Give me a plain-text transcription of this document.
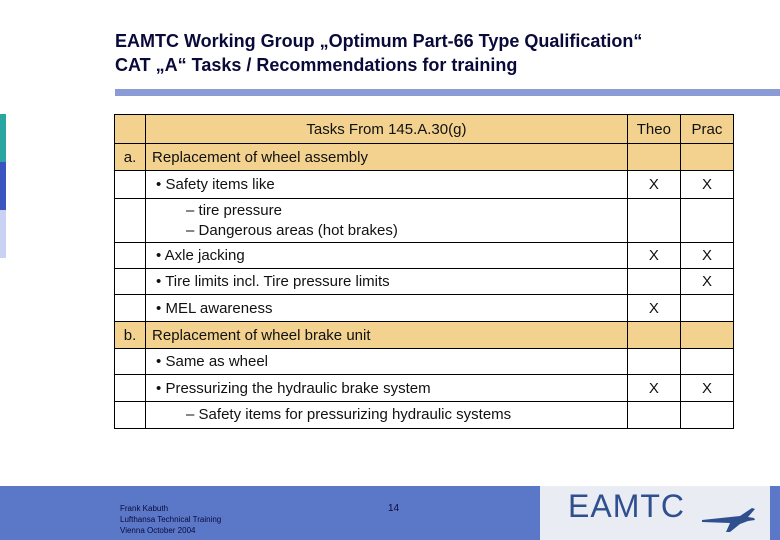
EAMTC Working Group „Optimum Part-66 Type Qualification“
CAT „A“ Tasks / Recommendations for training
	Tasks From 145.A.30(g)	Theo	Prac
a.	Replacement of wheel assembly		
	• Safety items like	X	X

	– tire pressure
– Dangerous areas (hot brakes)		

	• Axle jacking	X	X
	• Tire limits incl. Tire pressure limits		X
	• MEL awareness	X	
b.	Replacement of wheel brake unit		
	• Same as wheel		
	• Pressurizing the hydraulic brake system	X	X

	– Safety items for pressurizing hydraulic systems		

Frank Kabuth
Lufthansa Technical Training
Vienna October 2004
14	EAMTC
